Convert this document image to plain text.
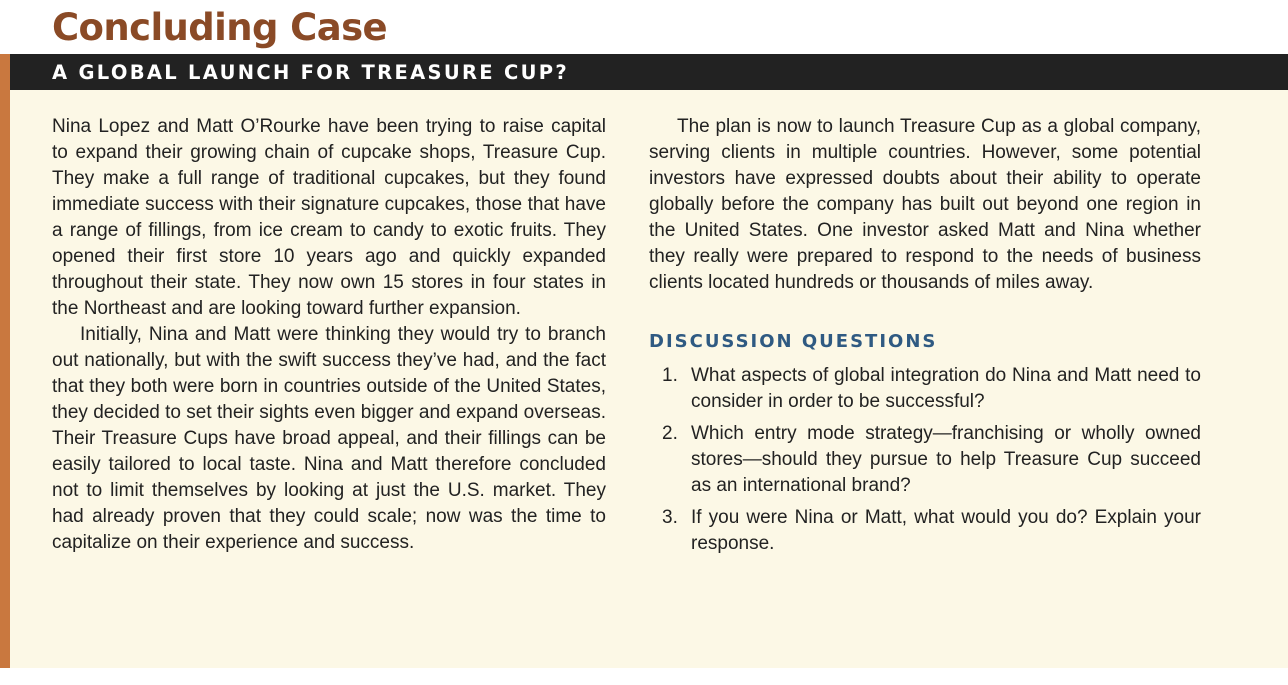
Concluding Case
A GLOBAL LAUNCH FOR TREASURE CUP?

Nina Lopez and Matt O’Rourke have been trying to raise capital to expand their growing chain of cupcake shops, Treasure Cup. They make a full range of traditional cupcakes, but they found immediate success with their signature cupcakes, those that have a range of fillings, from ice cream to candy to exotic fruits. They opened their first store 10 years ago and quickly expanded throughout their state. They now own 15 stores in four states in the Northeast and are looking toward further expansion.

Initially, Nina and Matt were thinking they would try to branch out nationally, but with the swift success they’ve had, and the fact that they both were born in countries outside of the United States, they decided to set their sights even bigger and expand overseas. Their Treasure Cups have broad appeal, and their fillings can be easily tailored to local taste. Nina and Matt therefore concluded not to limit themselves by looking at just the U.S. market. They had already proven that they could scale; now was the time to capitalize on their experience and success.

The plan is now to launch Treasure Cup as a global company, serving clients in multiple countries. However, some potential investors have expressed doubts about their ability to operate globally before the company has built out beyond one region in the United States. One investor asked Matt and Nina whether they really were prepared to respond to the needs of business clients located hundreds or thousands of miles away.

DISCUSSION QUESTIONS
1. What aspects of global integration do Nina and Matt need to consider in order to be successful?
2. Which entry mode strategy—franchising or wholly owned stores—should they pursue to help Treasure Cup succeed as an international brand?
3. If you were Nina or Matt, what would you do? Explain your response.
